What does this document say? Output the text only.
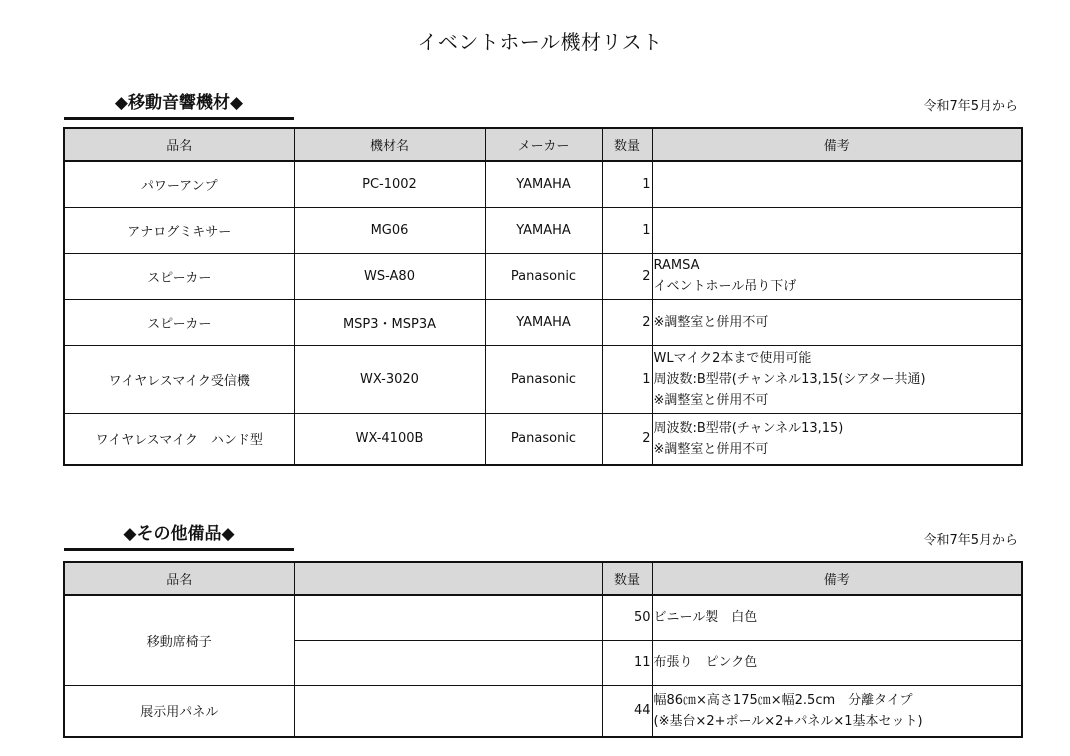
イベントホール機材リスト
◆移動音響機材◆	令和7年5月から
品名	機材名	メーカー	数量	備考
パワーアンプ	PC-1002	YAMAHA	1	
アナログミキサー	MG06	YAMAHA	1	
スピーカー	WS-A80	Panasonic	2	RAMSA
イベントホール吊り下げ

スピーカー	MSP3・MSP3A	YAMAHA	2	※調整室と併用不可

ワイヤレスマイク受信機	WX-3020	Panasonic	1	WLマイク2本まで使用可能
周波数:B型帯(チャンネル13,15(シアター共通)
※調整室と併用不可

ワイヤレスマイク　ハンド型	WX-4100B	Panasonic	2	周波数:B型帯(チャンネル13,15)
※調整室と併用不可
◆その他備品◆	令和7年5月から
品名		数量	備考
移動席椅子		50	ビニール製　白色

		11	布張り　ピンク色

展示用パネル		44	幅86㎝×高さ175㎝×幅2.5cm　分離タイプ
(※基台×2+ポール×2+パネル×1基本セット)
